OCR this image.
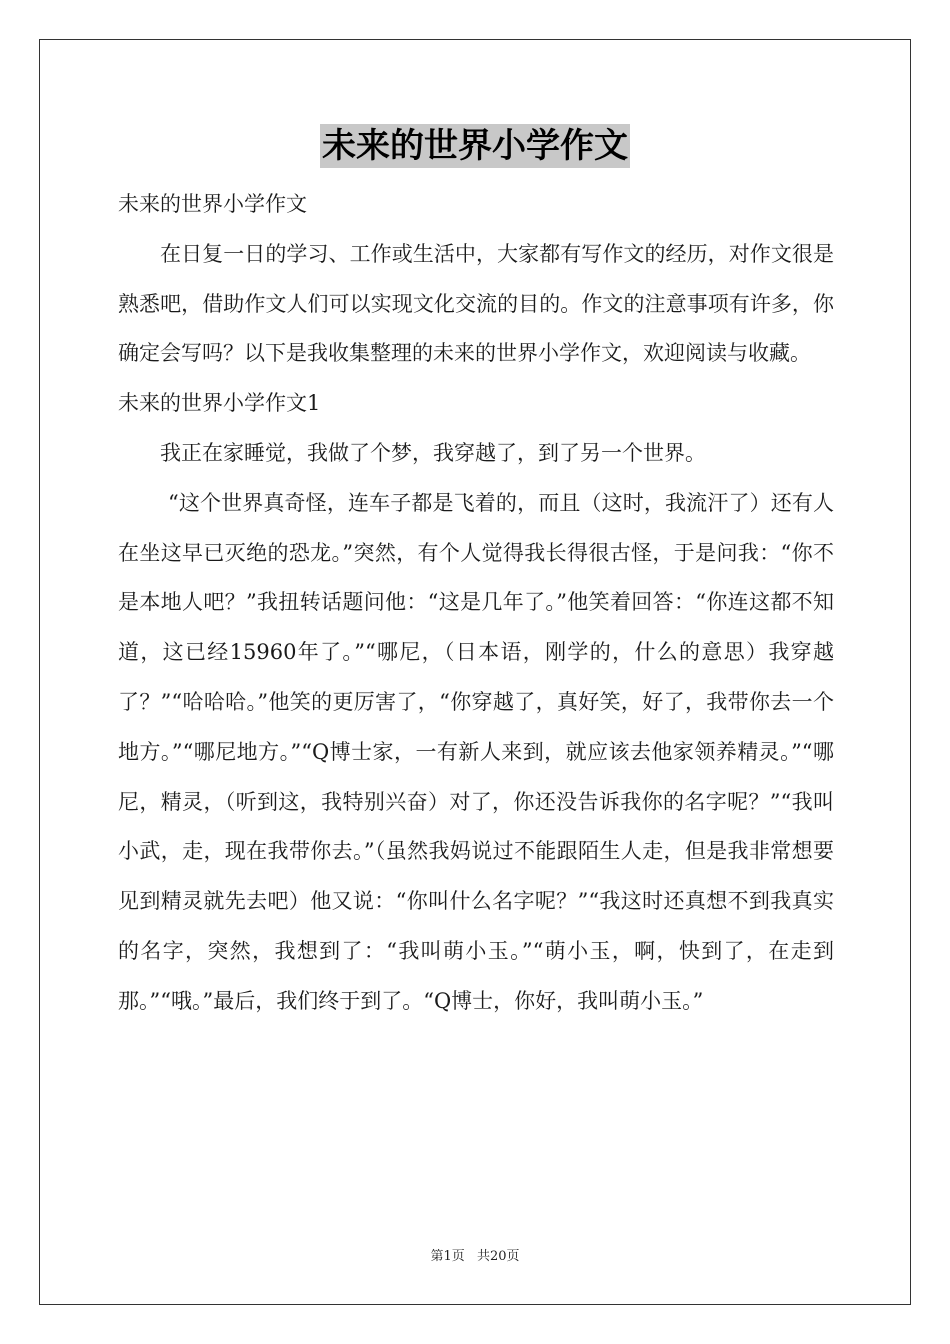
未来的世界小学作文

未来的世界小学作文

在日复一日的学习、工作或生活中，大家都有写作文的经历，对作文很是熟悉吧，借助作文人们可以实现文化交流的目的。作文的注意事项有许多，你确定会写吗？以下是我收集整理的未来的世界小学作文，欢迎阅读与收藏。

未来的世界小学作文1

我正在家睡觉，我做了个梦，我穿越了，到了另一个世界。

“这个世界真奇怪，连车子都是飞着的，而且（这时，我流汗了）还有人在坐这早已灭绝的恐龙。”突然，有个人觉得我长得很古怪，于是问我：“你不是本地人吧？”我扭转话题问他：“这是几年了。”他笑着回答：“你连这都不知道，这已经15960年了。”“哪尼，（日本语，刚学的，什么的意思）我穿越了？”“哈哈哈。”他笑的更厉害了，“你穿越了，真好笑，好了，我带你去一个地方。”“哪尼地方。”“Q博士家，一有新人来到，就应该去他家领养精灵。”“哪尼，精灵，（听到这，我特别兴奋）对了，你还没告诉我你的名字呢？”“我叫小武，走，现在我带你去。”（虽然我妈说过不能跟陌生人走，但是我非常想要见到精灵就先去吧）他又说：“你叫什么名字呢？”“我这时还真想不到我真实的名字，突然，我想到了：“我叫萌小玉。”“萌小玉，啊，快到了，在走到那。”“哦。”最后，我们终于到了。“Q博士，你好，我叫萌小玉。”

第1页 共20页
